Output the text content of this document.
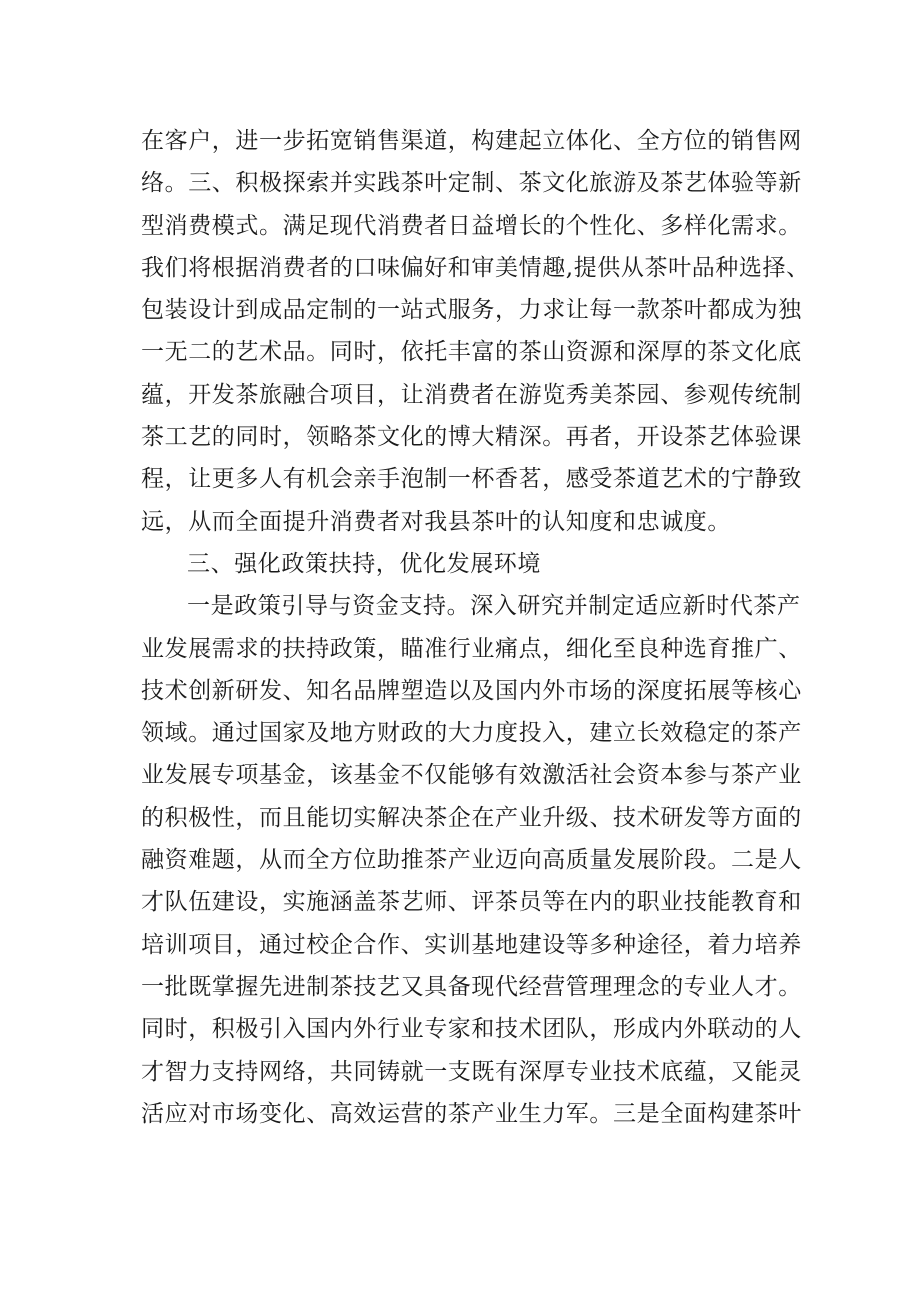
在客户，进一步拓宽销售渠道，构建起立体化、全方位的销售网
络。三、积极探索并实践茶叶定制、茶文化旅游及茶艺体验等新
型消费模式。满足现代消费者日益增长的个性化、多样化需求。
我们将根据消费者的口味偏好和审美情趣,提供从茶叶品种选择、
包装设计到成品定制的一站式服务，力求让每一款茶叶都成为独
一无二的艺术品。同时，依托丰富的茶山资源和深厚的茶文化底
蕴，开发茶旅融合项目，让消费者在游览秀美茶园、参观传统制
茶工艺的同时，领略茶文化的博大精深。再者，开设茶艺体验课
程，让更多人有机会亲手泡制一杯香茗，感受茶道艺术的宁静致
远，从而全面提升消费者对我县茶叶的认知度和忠诚度。
三、强化政策扶持，优化发展环境
一是政策引导与资金支持。深入研究并制定适应新时代茶产
业发展需求的扶持政策，瞄准行业痛点，细化至良种选育推广、
技术创新研发、知名品牌塑造以及国内外市场的深度拓展等核心
领域。通过国家及地方财政的大力度投入，建立长效稳定的茶产
业发展专项基金，该基金不仅能够有效激活社会资本参与茶产业
的积极性，而且能切实解决茶企在产业升级、技术研发等方面的
融资难题，从而全方位助推茶产业迈向高质量发展阶段。二是人
才队伍建设，实施涵盖茶艺师、评茶员等在内的职业技能教育和
培训项目，通过校企合作、实训基地建设等多种途径，着力培养
一批既掌握先进制茶技艺又具备现代经营管理理念的专业人才。
同时，积极引入国内外行业专家和技术团队，形成内外联动的人
才智力支持网络，共同铸就一支既有深厚专业技术底蕴，又能灵
活应对市场变化、高效运营的茶产业生力军。三是全面构建茶叶
